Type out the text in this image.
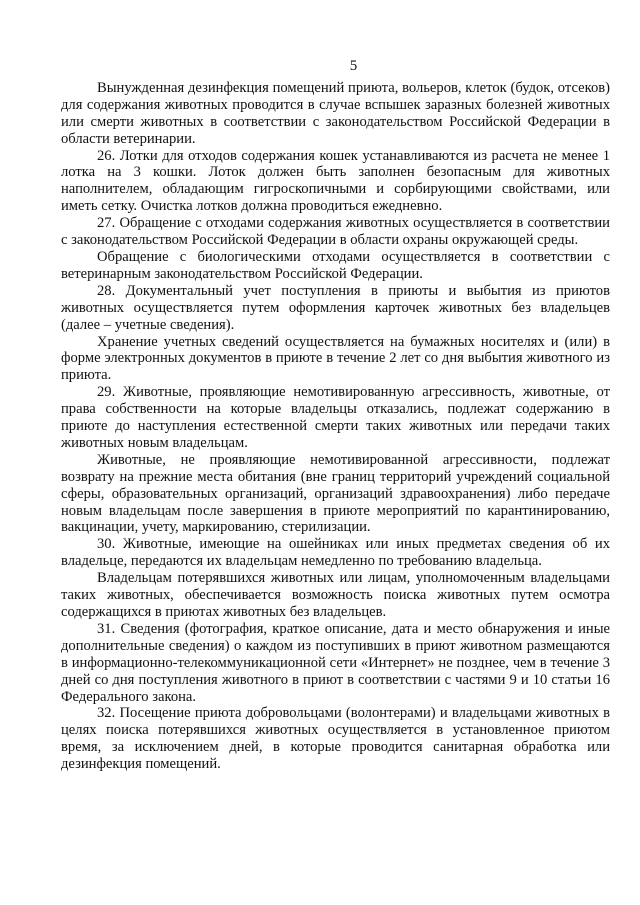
5

Вынужденная дезинфекция помещений приюта, вольеров, клеток (будок, отсеков) для содержания животных проводится в случае вспышек заразных болезней животных или смерти животных в соответствии с законодательством Российской Федерации в области ветеринарии.

26. Лотки для отходов содержания кошек устанавливаются из расчета не менее 1 лотка на 3 кошки. Лоток должен быть заполнен безопасным для животных наполнителем, обладающим гигроскопичными и сорбирующими свойствами, или иметь сетку. Очистка лотков должна проводиться ежедневно.

27. Обращение с отходами содержания животных осуществляется в соответствии с законодательством Российской Федерации в области охраны окружающей среды.

Обращение с биологическими отходами осуществляется в соответствии с ветеринарным законодательством Российской Федерации.

28. Документальный учет поступления в приюты и выбытия из приютов животных осуществляется путем оформления карточек животных без владельцев (далее – учетные сведения).

Хранение учетных сведений осуществляется на бумажных носителях и (или) в форме электронных документов в приюте в течение 2 лет со дня выбытия животного из приюта.

29. Животные, проявляющие немотивированную агрессивность, животные, от права собственности на которые владельцы отказались, подлежат содержанию в приюте до наступления естественной смерти таких животных или передачи таких животных новым владельцам.

Животные, не проявляющие немотивированной агрессивности, подлежат возврату на прежние места обитания (вне границ территорий учреждений социальной сферы, образовательных организаций, организаций здравоохранения) либо передаче новым владельцам после завершения в приюте мероприятий по карантинированию, вакцинации, учету, маркированию, стерилизации.

30. Животные, имеющие на ошейниках или иных предметах сведения об их владельце, передаются их владельцам немедленно по требованию владельца.

Владельцам потерявшихся животных или лицам, уполномоченным владельцами таких животных, обеспечивается возможность поиска животных путем осмотра содержащихся в приютах животных без владельцев.

31. Сведения (фотография, краткое описание, дата и место обнаружения и иные дополнительные сведения) о каждом из поступивших в приют животном размещаются в информационно-телекоммуникационной сети «Интернет» не позднее, чем в течение 3 дней со дня поступления животного в приют в соответствии с частями 9 и 10 статьи 16 Федерального закона.

32. Посещение приюта добровольцами (волонтерами) и владельцами животных в целях поиска потерявшихся животных осуществляется в установленное приютом время, за исключением дней, в которые проводится санитарная обработка или дезинфекция помещений.
